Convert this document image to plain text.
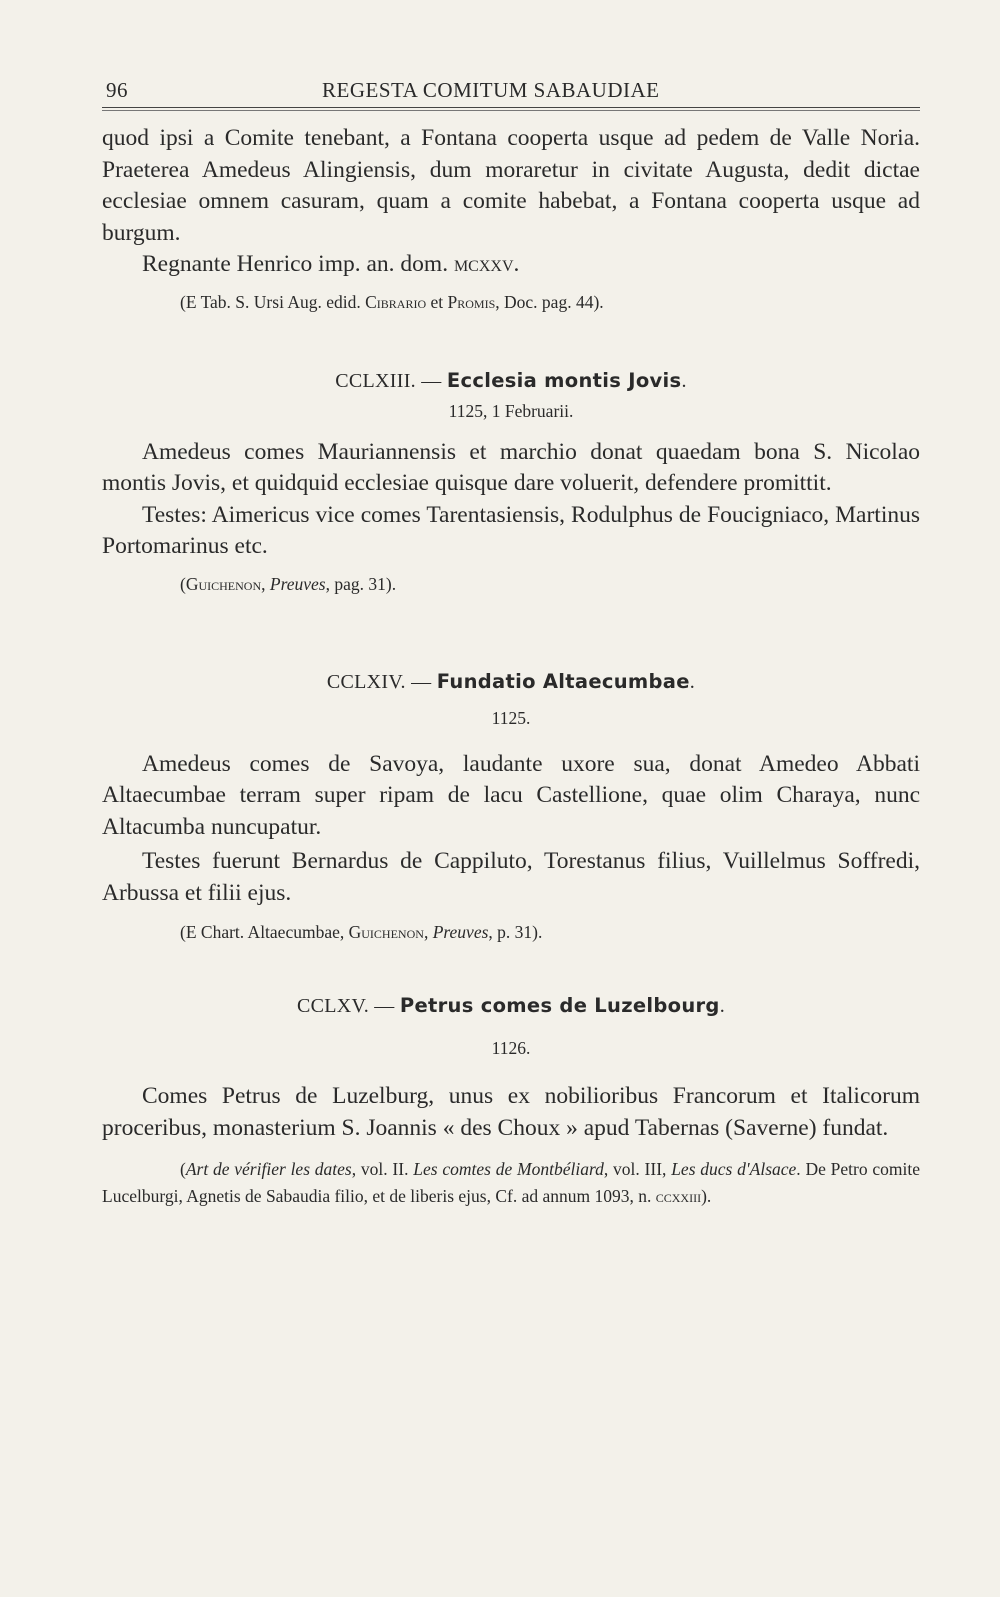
96	REGESTA COMITUM SABAUDIAE

quod ipsi a Comite tenebant, a Fontana cooperta usque ad pedem de Valle Noria. Praeterea Amedeus Alingiensis, dum moraretur in civitate Augusta, dedit dictae ecclesiae omnem casuram, quam a comite habebat, a Fontana cooperta usque ad burgum.

Regnante Henrico imp. an. dom. mcxxv.

(E Tab. S. Ursi Aug. edid. Cibrario et Promis, Doc. pag. 44).

CCLXIII. — Ecclesia montis Jovis.
1125, 1 Februarii.

Amedeus comes Mauriannensis et marchio donat quaedam bona S. Nicolao montis Jovis, et quidquid ecclesiae quisque dare voluerit, defendere promittit.

Testes: Aimericus vice comes Tarentasiensis, Rodulphus de Foucigniaco, Martinus Portomarinus etc.

(Guichenon, Preuves, pag. 31).

CCLXIV. — Fundatio Altaecumbae.
1125.

Amedeus comes de Savoya, laudante uxore sua, donat Amedeo Abbati Altaecumbae terram super ripam de lacu Castellione, quae olim Charaya, nunc Altacumba nuncupatur.

Testes fuerunt Bernardus de Cappiluto, Torestanus filius, Vuillelmus Soffredi, Arbussa et filii ejus.

(E Chart. Altaecumbae, Guichenon, Preuves, p. 31).

CCLXV. — Petrus comes de Luzelbourg.
1126.

Comes Petrus de Luzelburg, unus ex nobilioribus Francorum et Italicorum proceribus, monasterium S. Joannis « des Choux » apud Tabernas (Saverne) fundat.

(Art de vérifier les dates, vol. II. Les comtes de Montbéliard, vol. III, Les ducs d'Alsace. De Petro comite Lucelburgi, Agnetis de Sabaudia filio, et de liberis ejus, Cf. ad annum 1093, n. ccxxiii).
